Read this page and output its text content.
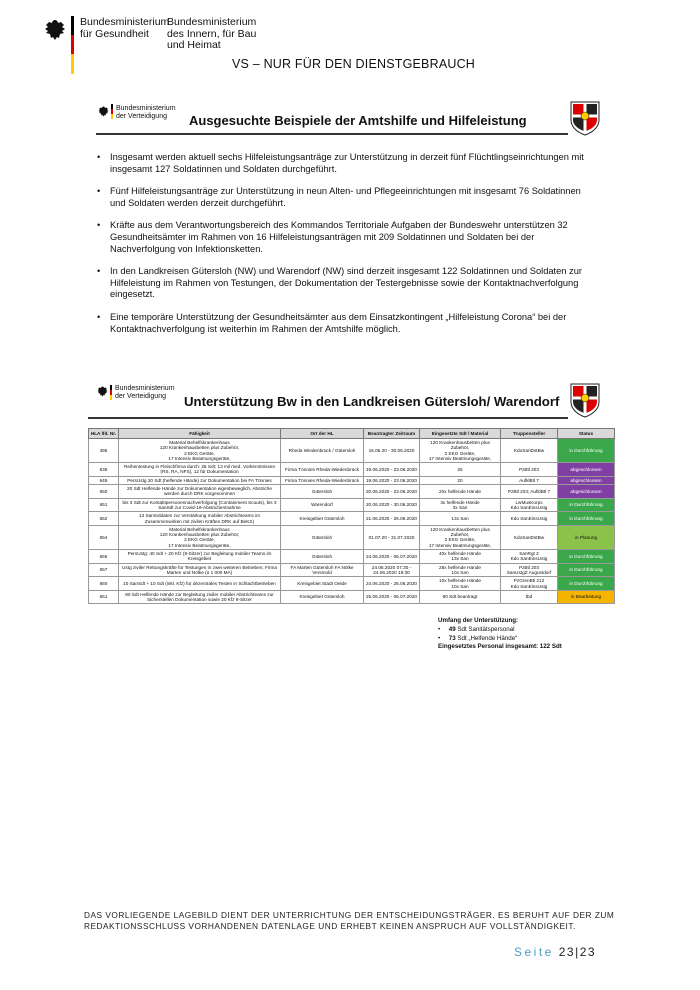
Bundesministerium
für Gesundheit
Bundesministerium
des Innern, für Bau
und Heimat
VS – NUR FÜR DEN DIENSTGEBRAUCH
Bundesministerium
der Verteidigung	Ausgesuchte Beispiele der Amtshilfe und Hilfeleistung
• Insgesamt werden aktuell sechs Hilfeleistungsanträge zur Unterstützung in derzeit fünf Flüchtlingseinrichtungen mit insgesamt 127 Soldatinnen und Soldaten durchgeführt.
• Fünf Hilfeleistungsanträge zur Unterstützung in neun Alten- und Pflegeeinrichtungen mit insgesamt 76 Soldatinnen und Soldaten werden derzeit durchgeführt.
• Kräfte aus dem Verantwortungsbereich des Kommandos Territoriale Aufgaben der Bundeswehr unterstützen 32 Gesundheitsämter im Rahmen von 16 Hilfeleistungsanträgen mit 209 Soldatinnen und Soldaten bei der Nachverfolgung von Infektionsketten.
• In den Landkreisen Gütersloh (NW) und Warendorf (NW) sind derzeit insgesamt 122 Soldatinnen und Soldaten zur Hilfeleistung im Rahmen von Testungen, der Dokumentation der Testergebnisse sowie der Kontaktnachverfolgung eingesetzt.
• Eine temporäre Unterstützung der Gesundheitsämter aus dem Einsatzkontingent „Hilfeleistung Corona“ bei der Kontaktnachverfolgung ist weiterhin im Rahmen der Amtshilfe möglich.
Bundesministerium
der Verteidigung	Unterstützung Bw in den Landkreisen Gütersloh/ Warendorf
HLA lfd. Nr.	Fähigkeit	Ort der HL	Beantragter Zeitraum	Eingesetzte Sdt / Material	Truppensteller	Status
495	Material Behelfskrankenhaus
120 Krankenhausbetten plus Zubehör,
2 EKG Geräte,
17 Intensiv Beatmungsgeräte,	Rheda Wiedenbrück / Gütersloh	16.05.20 - 30.06.2020	120 Krankenhausbetten plus Zubehör,
2 EKG Geräte,
17 Intensiv Beatmungsgeräte,	KdoSanDstBw	in Durchführung
636	Reihentestung in Fleischfirma durch: 25 Sdt; 13 mil med. Vorkenntnissen (RS, RA, NFS), 12 für Dokumentation	Firma Tönnies Rheda-Wiedenbrück	19.06.2020 - 23.06.2020	25	PzBtl 203	abgeschlossen
645	PersUstg 20 Sdt (helfende Hände) zur Dokumentation bei FA Tönnies	Firma Tönnies Rheda-Wiedenbrück	19.06.2020 - 23.06.2020	20	AufklBtl 7	abgeschlossen
650	20 Sdt Helfende Hände zur Dokumentation eigenbeweglich, Abstriche werden durch DRK vorgenommen	Gütersloh	20.06.2020 - 23.06.2020	20x helfende Hände	PzBtl 203; AufklBtl 7	abgeschlossen
651	bis 3 Sdt zur Kontaktpersonennachverfolgung (Containment Scouts), bis 3 SanSdt zur Covid-19-Abstrichentnahme	Warendorf	20.06.2020 - 30.06.2020	3x helfende Hände
3x San	LwMusKorps
Kdo SanEinsUstg	in Durchführung
652	13 SanSoldaten zur Verstärkung mobiler Abstrichteams im Zusammenwirken mit zivilen Kräften DRK auf BeKS)	Kreisgebiet Gütersloh	21.06.2020 - 26.06.2020	13x San	Kdo SanEinsUstg	in Durchführung
654	Material Behelfskrankenhaus
120 Krankenhausbetten plus Zubehör,
2 EKG Geräte,
17 Intensiv Beatmungsgeräte,	Gütersloh	01.07.20 - 31.07.2020	120 Krankenhausbetten plus Zubehör,
2 EKG Geräte,
17 Intensiv Beatmungsgeräte,	KdoSanDstBw	in Planung
656	PersUstg: 40 Sdt + 20 Kfz (8-Sitzer) zur Begleitung mobiler Teams im Kreisgebiet	Gütersloh	24.06.2020 - 06.07.2020	40x helfende Hände
13x San	SanRgt 2
Kdo SanEinsUstg	in Durchführung
657	Ustg ziviler Rettungskräfte für Testungen in zwei weiteren Betrieben; Firma Marten und Nölke (ü 1 000 MA)	FA Marten Gütersloh FA Nölke Versmold	24.06.2020 07:30 - 24.06.2020 19:30	28x helfende Hände
10x San	PzBtl 203
SanUstgZ Augustdorf	in Durchführung
660	10 SanSdt + 10 Sdt (inkl. Kfz) für dezentrales Testen in Schlachtbetrieben	Kreisgebiet Stadt Oelde	24.06.2020 - 26.06.2020	10x helfende Hände
10x San	PzGrenBtl 212
Kdo SanEinsUstg	in Durchführung
661	80 Sdt Helfende Hände zur Begleitung ziviler mobiler Abstrichteams zur Sicherstellen Dokumentation sowie 20 Kfz 8-Sitzer	Kreisgebiet Gütersloh	25.06.2020 - 06.07.2020	80 Sdt beantragt	tbd	in Bearbeitung
Umfang der Unterstützung:
•     49 Sdt Sanitätspersonal
•     73 Sdt „Helfende Hände“
Eingesetztes Personal insgesamt: 122 Sdt
DAS VORLIEGENDE LAGEBILD DIENT DER UNTERRICHTUNG DER ENTSCHEIDUNGSTRÄGER. ES BERUHT AUF DER ZUM REDAKTIONSSCHLUSS VORHANDENEN DATENLAGE UND ERHEBT KEINEN ANSPRUCH AUF VOLLSTÄNDIGKEIT.
Seite 23|23
